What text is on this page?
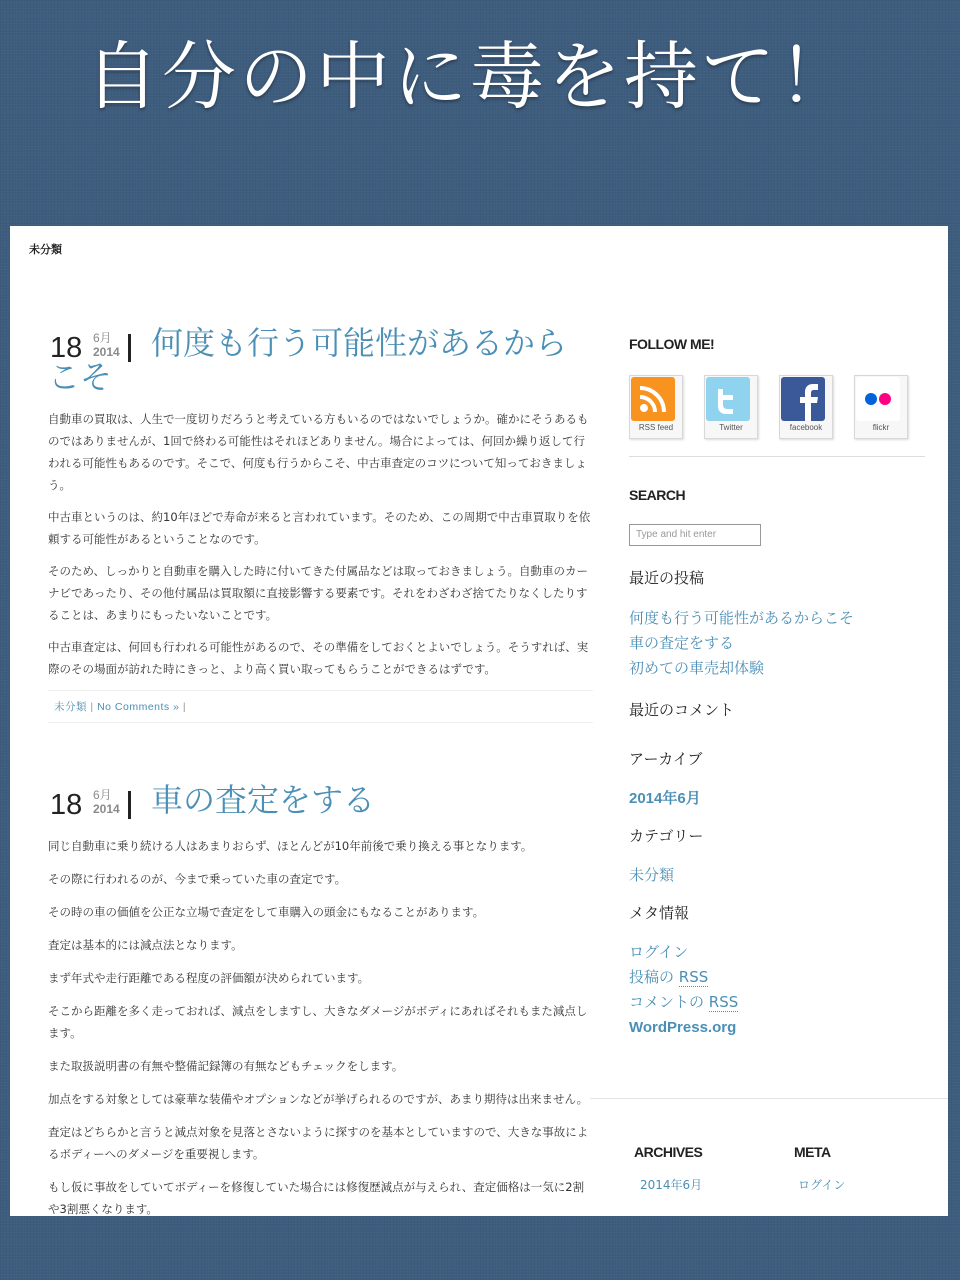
自分の中に毒を持て！
未分類
18 6月
2014 何度も行う可能性があるからこそ

自動車の買取は、人生で一度切りだろうと考えている方もいるのではないでしょうか。確かにそうあるものではありませんが、1回で終わる可能性はそれほどありません。場合によっては、何回か繰り返して行われる可能性もあるのです。そこで、何度も行うからこそ、中古車査定のコツについて知っておきましょう。

中古車というのは、約10年ほどで寿命が来ると言われています。そのため、この周期で中古車買取りを依頼する可能性があるということなのです。

そのため、しっかりと自動車を購入した時に付いてきた付属品などは取っておきましょう。自動車のカーナビであったり、その他付属品は買取額に直接影響する要素です。それをわざわざ捨てたりなくしたりすることは、あまりにもったいないことです。

中古車査定は、何回も行われる可能性があるので、その準備をしておくとよいでしょう。そうすれば、実際のその場面が訪れた時にきっと、より高く買い取ってもらうことができるはずです。

未分類 | No Comments » |
18 6月
2014 車の査定をする

同じ自動車に乗り続ける人はあまりおらず、ほとんどが10年前後で乗り換える事となります。

その際に行われるのが、今まで乗っていた車の査定です。

その時の車の価値を公正な立場で査定をして車購入の頭金にもなることがあります。

査定は基本的には減点法となります。

まず年式や走行距離である程度の評価額が決められています。

そこから距離を多く走っておれば、減点をしますし、大きなダメージがボディにあればそれもまた減点します。

また取扱説明書の有無や整備記録簿の有無などもチェックをします。

加点をする対象としては豪華な装備やオプションなどが挙げられるのですが、あまり期待は出来ません。

査定はどちらかと言うと減点対象を見落とさないように探すのを基本としていますので、大きな事故によるボディーへのダメージを重要視します。

もし仮に事故をしていてボディーを修復していた場合には修復歴減点が与えられ、査定価格は一気に2割や3割悪くなります。

FOLLOW ME!
RSS feed	Twitter	facebook	flickr
SEARCH
Type and hit enter
最近の投稿
何度も行う可能性があるからこそ
車の査定をする
初めての車売却体験
最近のコメント
アーカイブ
2014年6月
カテゴリー
未分類
メタ情報
ログイン
投稿の RSS
コメントの RSS
WordPress.org
ARCHIVES
2014年6月
META
ログイン
